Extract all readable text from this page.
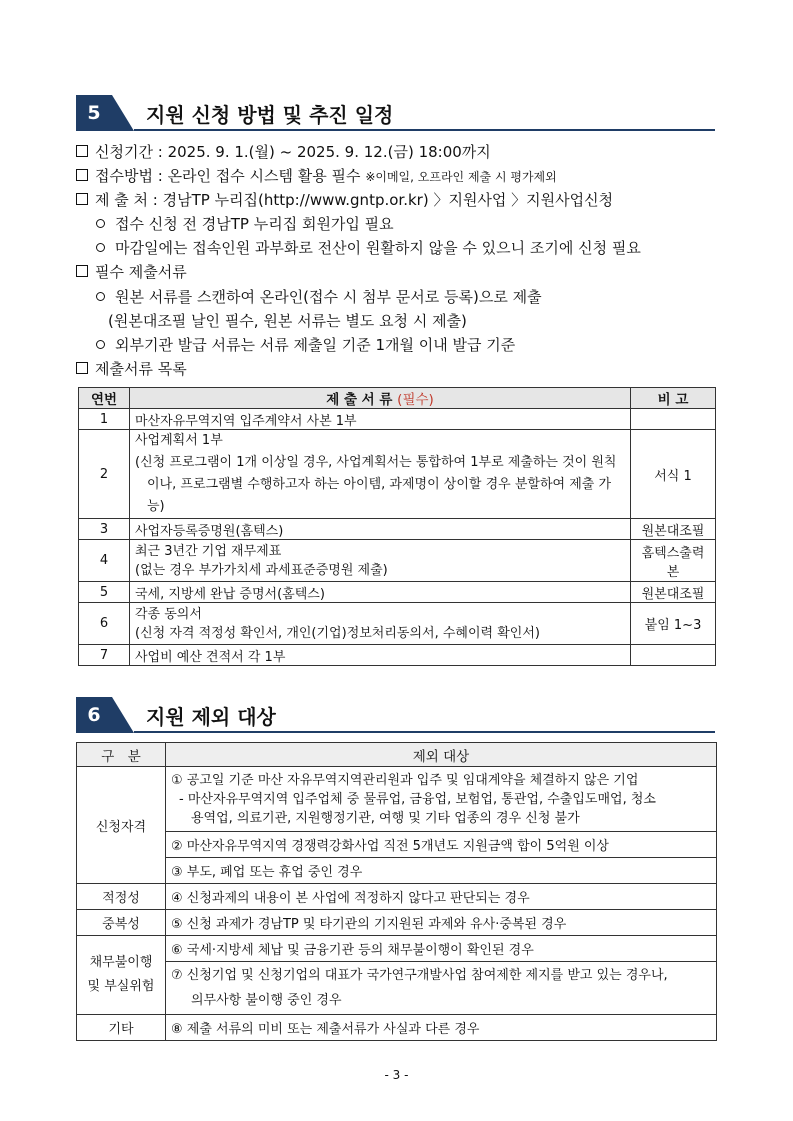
5	지원 신청 방법 및 추진 일정
신청기간 : 2025. 9. 1.(월) ~ 2025. 9. 12.(금) 18:00까지
접수방법 : 온라인 접수 시스템 활용 필수 ※이메일, 오프라인 제출 시 평가제외
제 출 처 : 경남TP 누리집(http://www.gntp.or.kr) 〉지원사업 〉지원사업신청
접수 신청 전 경남TP 누리집 회원가입 필요
마감일에는 접속인원 과부화로 전산이 원활하지 않을 수 있으니 조기에 신청 필요
필수 제출서류
원본 서류를 스캔하여 온라인(접수 시 첨부 문서로 등록)으로 제출
(원본대조필 날인 필수, 원본 서류는 별도 요청 시 제출)
외부기관 발급 서류는 서류 제출일 기준 1개월 이내 발급 기준
제출서류 목록
연번	제 출 서 류 (필수)	비 고
1	마산자유무역지역 입주계약서 사본 1부	
2	사업계획서 1부
(신청 프로그램이 1개 이상일 경우, 사업계획서는 통합하여 1부로 제출하는 것이 원칙
이나, 프로그램별 수행하고자 하는 아이템, 과제명이 상이할 경우 분할하여 제출 가능)	서식 1
3	사업자등록증명원(홈텍스)	원본대조필
4	최근 3년간 기업 재무제표
(없는 경우 부가가치세 과세표준증명원 제출)	홈텍스출력본
5	국세, 지방세 완납 증명서(홈텍스)	원본대조필
6	각종 동의서
(신청 자격 적정성 확인서, 개인(기업)정보처리동의서, 수혜이력 확인서)	붙임 1~3
7	사업비 예산 견적서 각 1부	
6	지원 제외 대상
구　분	제외 대상
신청자격	① 공고일 기준 마산 자유무역지역관리원과 입주 및 임대계약을 체결하지 않은 기업
- 마산자유무역지역 입주업체 중 물류업, 금융업, 보험업, 통관업, 수출입도매업, 청소
용역업, 의료기관, 지원행정기관, 여행 및 기타 업종의 경우 신청 불가

	② 마산자유무역지역 경쟁력강화사업 직전 5개년도 지원금액 합이 5억원 이상
	③ 부도, 폐업 또는 휴업 중인 경우
적정성	④ 신청과제의 내용이 본 사업에 적정하지 않다고 판단되는 경우
중복성	⑤ 신청 과제가 경남TP 및 타기관의 기지원된 과제와 유사·중복된 경우

채무불이행
및 부실위험	⑥ 국세·지방세 체납 및 금융기관 등의 채무불이행이 확인된 경우

	⑦ 신청기업 및 신청기업의 대표가 국가연구개발사업 참여제한 제지를 받고 있는 경우나,
의무사항 불이행 중인 경우

기타	⑧ 제출 서류의 미비 또는 제출서류가 사실과 다른 경우
- 3 -
